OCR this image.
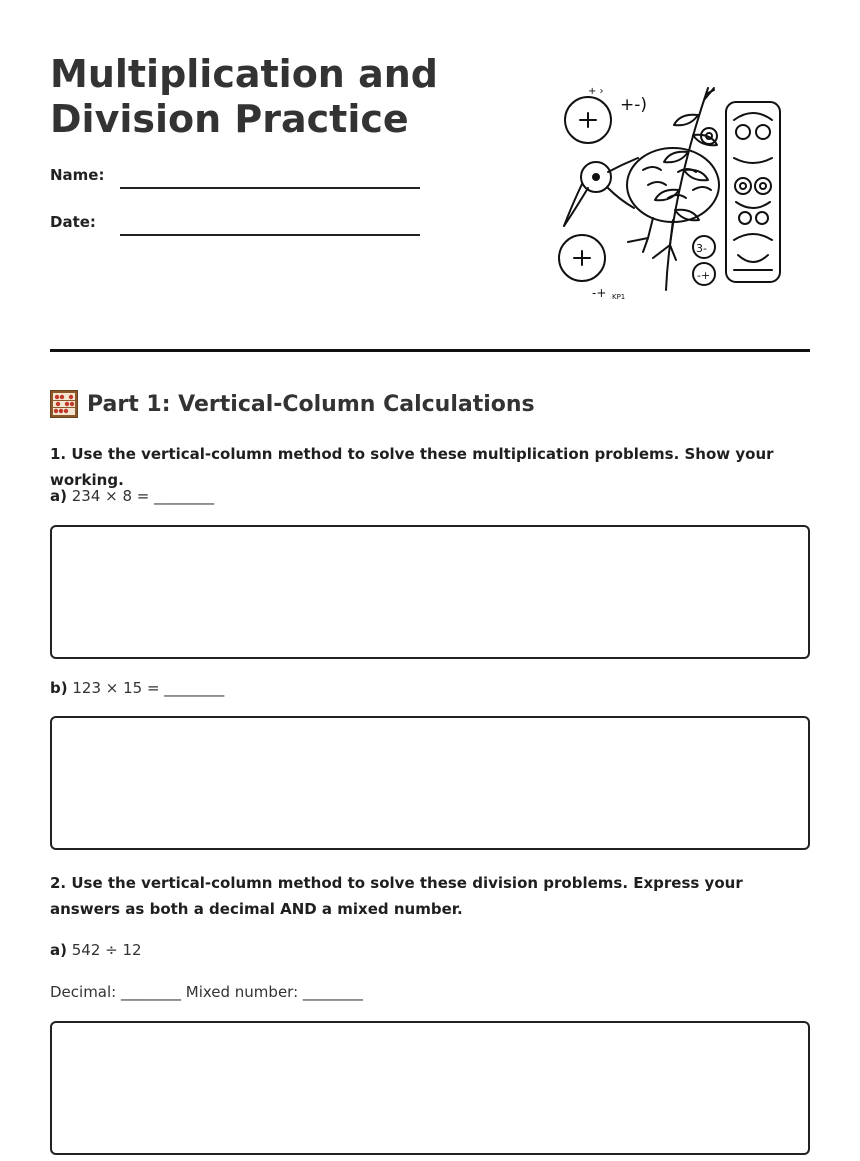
Multiplication and
Division Practice
Name:
Date:
+ ›
+-)
-+ KP1
3-
-+
Part 1: Vertical-Column Calculations
1. Use the vertical-column method to solve these multiplication problems. Show your working.
a) 234 × 8 = ________
b) 123 × 15 = ________
2. Use the vertical-column method to solve these division problems. Express your answers as both a decimal AND a mixed number.
a) 542 ÷ 12
Decimal: ________ Mixed number: ________
